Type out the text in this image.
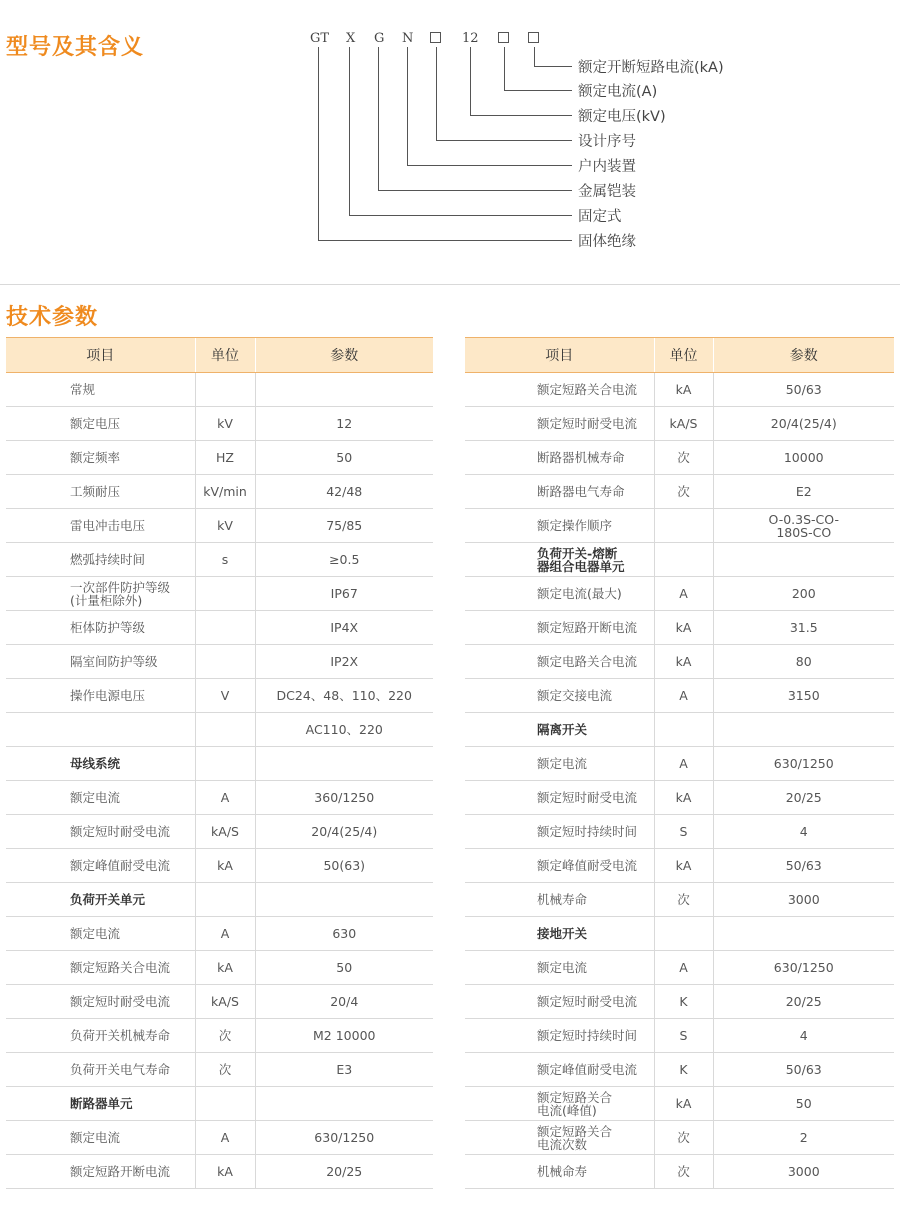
型号及其含义	GT X G N	12
额定开断短路电流(kA)
额定电流(A)
额定电压(kV)
设计序号
户内装置
金属铠装
固定式
固体绝缘
技术参数
项目	单位	参数
常规		
额定电压	kV	12
额定频率	HZ	50
工频耐压	kV/min	42/48
雷电冲击电压	kV	75/85
燃弧持续时间	s	≥0.5
一次部件防护等级
(计量柜除外)		IP67
柜体防护等级		IP4X
隔室间防护等级		IP2X
操作电源电压	V	DC24、48、110、220
		AC110、220
母线系统		
额定电流	A	360/1250
额定短时耐受电流	kA/S	20/4(25/4)
额定峰值耐受电流	kA	50(63)
负荷开关单元		
额定电流	A	630
额定短路关合电流	kA	50
额定短时耐受电流	kA/S	20/4
负荷开关机械寿命	次	M2 10000
负荷开关电气寿命	次	E3
断路器单元		
额定电流	A	630/1250
额定短路开断电流	kA	20/25
项目	单位	参数
额定短路关合电流	kA	50/63
额定短时耐受电流	kA/S	20/4(25/4)
断路器机械寿命	次	10000
断路器电气寿命	次	E2
额定操作顺序		O-0.3S-CO-
180S-CO
负荷开关-熔断
器组合电器单元		
额定电流(最大)	A	200
额定短路开断电流	kA	31.5
额定电路关合电流	kA	80
额定交接电流	A	3150
隔离开关		
额定电流	A	630/1250
额定短时耐受电流	kA	20/25
额定短时持续时间	S	4
额定峰值耐受电流	kA	50/63
机械寿命	次	3000
接地开关		
额定电流	A	630/1250
额定短时耐受电流	K	20/25
额定短时持续时间	S	4
额定峰值耐受电流	K	50/63
额定短路关合
电流(峰值)	kA	50
额定短路关合
电流次数	次	2
机械命寿	次	3000
